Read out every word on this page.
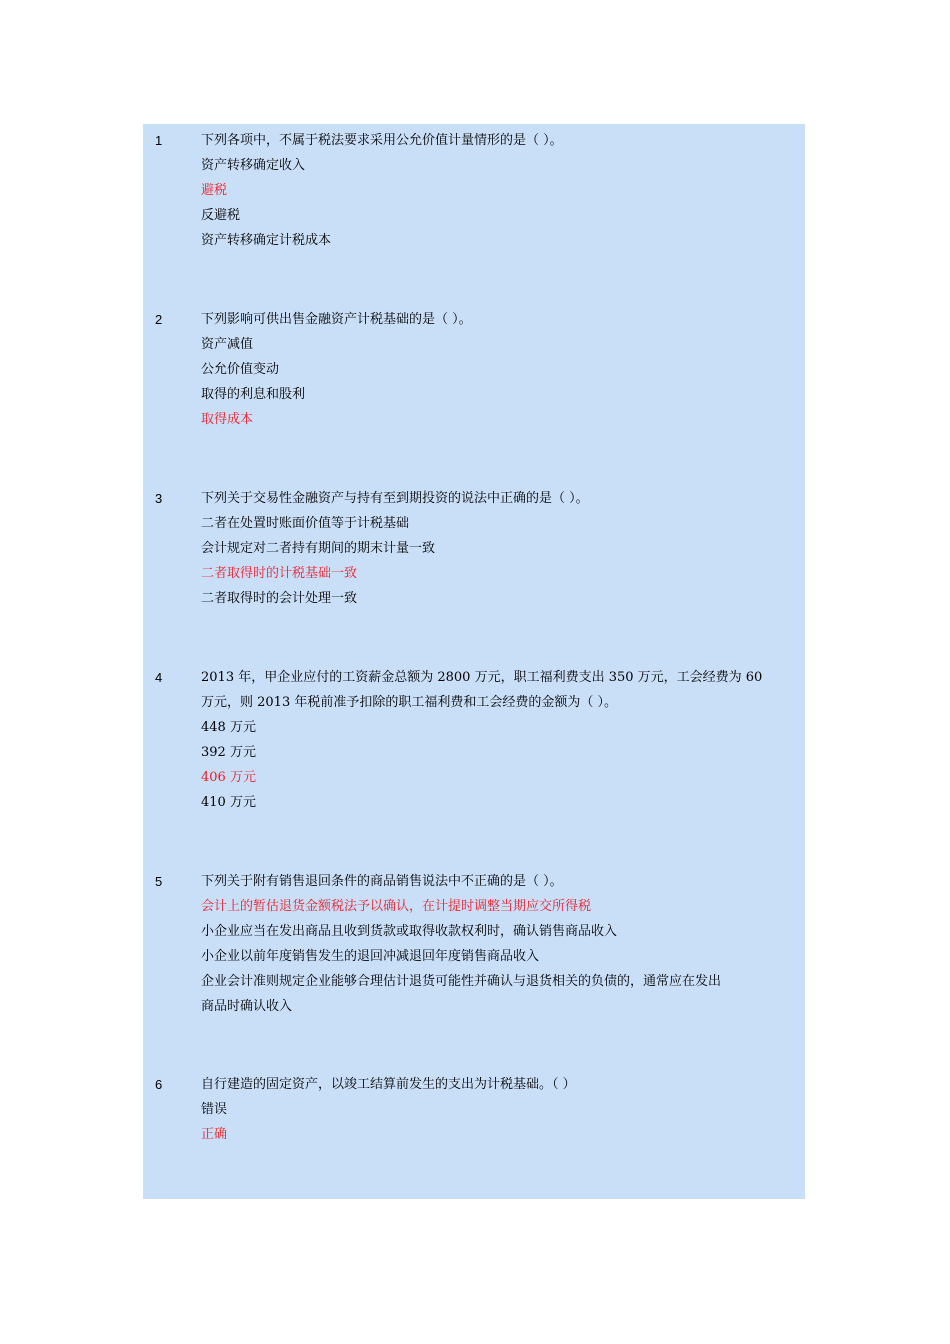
1	下列各项中，不属于税法要求采用公允价值计量情形的是（ ）。
资产转移确定收入
避税
反避税
资产转移确定计税成本
2	下列影响可供出售金融资产计税基础的是（ ）。
资产减值
公允价值变动
取得的利息和股利
取得成本
3	下列关于交易性金融资产与持有至到期投资的说法中正确的是（ ）。
二者在处置时账面价值等于计税基础
会计规定对二者持有期间的期末计量一致
二者取得时的计税基础一致
二者取得时的会计处理一致
4	2013 年，甲企业应付的工资薪金总额为 2800 万元，职工福利费支出 350 万元，工会经费为 60
万元，则 2013 年税前准予扣除的职工福利费和工会经费的金额为（ ）。
448 万元
392 万元
406 万元
410 万元
5	下列关于附有销售退回条件的商品销售说法中不正确的是（ ）。
会计上的暂估退货金额税法予以确认，在计提时调整当期应交所得税
小企业应当在发出商品且收到货款或取得收款权利时，确认销售商品收入
小企业以前年度销售发生的退回冲减退回年度销售商品收入
企业会计准则规定企业能够合理估计退货可能性并确认与退货相关的负债的，通常应在发出
商品时确认收入
6	自行建造的固定资产，以竣工结算前发生的支出为计税基础。（ ）
错误
正确
